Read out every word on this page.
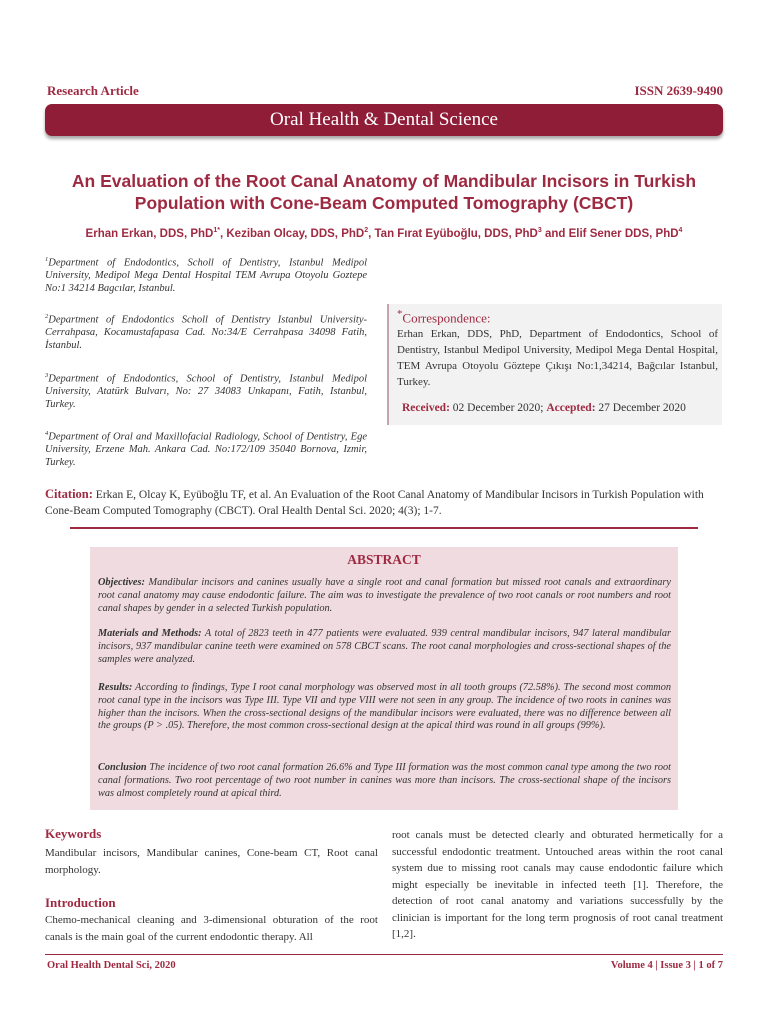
Research Article	ISSN 2639-9490
Oral Health & Dental Science
An Evaluation of the Root Canal Anatomy of Mandibular Incisors in Turkish Population with Cone-Beam Computed Tomography (CBCT)
Erhan Erkan, DDS, PhD$^{1*}$, Keziban Olcay, DDS, PhD$^2$, Tan Fırat Eyüboğlu, DDS, PhD$^3$ and Elif Sener DDS, PhD$^4$

$^1$Department of Endodontics, Scholl of Dentistry, Istanbul Medipol University, Medipol Mega Dental Hospital TEM Avrupa Otoyolu Goztepe No:1 34214 Bagcılar, Istanbul.

$^2$Department of Endodontics Scholl of Dentistry Istanbul University-Cerrahpasa, Kocamustafapasa Cad. No:34/E Cerrahpasa 34098 Fatih, İstanbul.

$^3$Department of Endodontics, School of Dentistry, Istanbul Medipol University, Atatürk Bulvarı, No: 27 34083 Unkapanı, Fatih, Istanbul, Turkey.

$^4$Department of Oral and Maxillofacial Radiology, School of Dentistry, Ege University, Erzene Mah. Ankara Cad. No:172/109 35040 Bornova, Izmir, Turkey.

*Correspondence:

Erhan Erkan, DDS, PhD, Department of Endodontics, School of Dentistry, Istanbul Medipol University, Medipol Mega Dental Hospital, TEM Avrupa Otoyolu Göztepe Çıkışı No:1,34214, Bağcılar Istanbul, Turkey.

Received: 02 December 2020; Accepted: 27 December 2020

Citation: Erkan E, Olcay K, Eyüboğlu TF, et al. An Evaluation of the Root Canal Anatomy of Mandibular Incisors in Turkish Population with Cone-Beam Computed Tomography (CBCT). Oral Health Dental Sci. 2020; 4(3); 1-7.

ABSTRACT

Objectives: Mandibular incisors and canines usually have a single root and canal formation but missed root canals and extraordinary root canal anatomy may cause endodontic failure. The aim was to investigate the prevalence of two root canals or root numbers and root canal shapes by gender in a selected Turkish population.

Materials and Methods: A total of 2823 teeth in 477 patients were evaluated. 939 central mandibular incisors, 947 lateral mandibular incisors, 937 mandibular canine teeth were examined on 578 CBCT scans. The root canal morphologies and cross-sectional shapes of the samples were analyzed.

Results: According to findings, Type I root canal morphology was observed most in all tooth groups (72.58%). The second most common root canal type in the incisors was Type III. Type VII and type VIII were not seen in any group. The incidence of two roots in canines was higher than the incisors. When the cross-sectional designs of the mandibular incisors were evaluated, there was no difference between all the groups (P > .05). Therefore, the most common cross-sectional design at the apical third was round in all groups (99%).

Conclusion The incidence of two root canal formation 26.6% and Type III formation was the most common canal type among the two root canal formations. Two root percentage of two root number in canines was more than incisors. The cross-sectional shape of the incisors was almost completely round at apical third.

Keywords

Mandibular incisors, Mandibular canines, Cone-beam CT, Root canal morphology.

Introduction

Chemo-mechanical cleaning and 3-dimensional obturation of the root canals is the main goal of the current endodontic therapy. All

root canals must be detected clearly and obturated hermetically for a successful endodontic treatment. Untouched areas within the root canal system due to missing root canals may cause endodontic failure which might especially be inevitable in infected teeth [1]. Therefore, the detection of root canal anatomy and variations successfully by the clinician is important for the long term prognosis of root canal treatment [1,2].

Oral Health Dental Sci, 2020	Volume 4 | Issue 3 | 1 of 7
